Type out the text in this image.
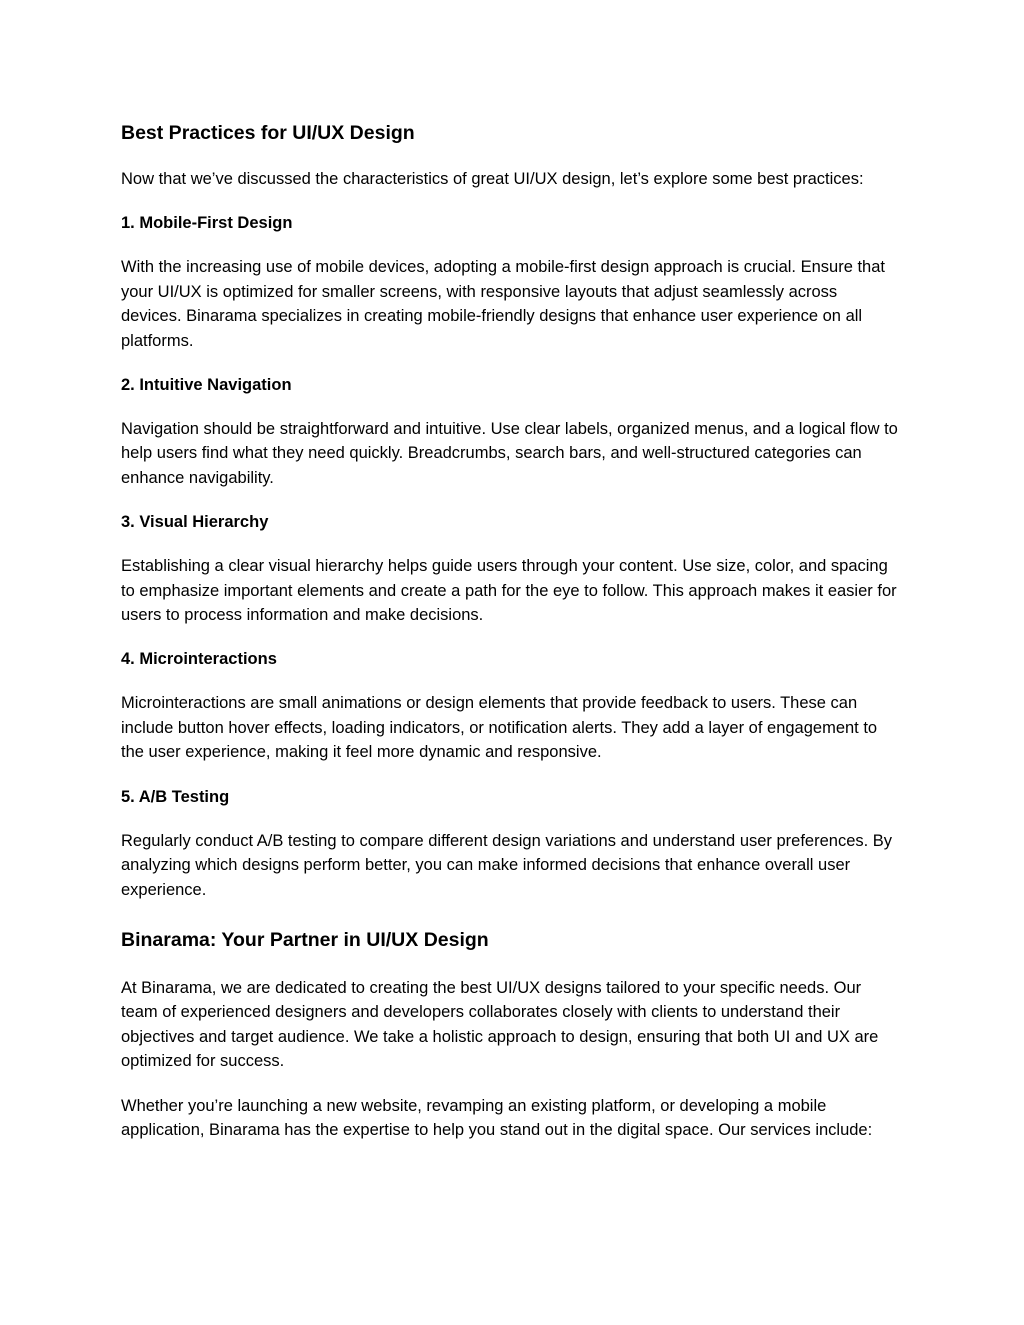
Best Practices for UI/UX Design

Now that we’ve discussed the characteristics of great UI/UX design, let’s explore some best practices:

1. Mobile-First Design

With the increasing use of mobile devices, adopting a mobile-first design approach is crucial. Ensure that your UI/UX is optimized for smaller screens, with responsive layouts that adjust seamlessly across devices. Binarama specializes in creating mobile-friendly designs that enhance user experience on all platforms.

2. Intuitive Navigation

Navigation should be straightforward and intuitive. Use clear labels, organized menus, and a logical flow to help users find what they need quickly. Breadcrumbs, search bars, and well-structured categories can enhance navigability.

3. Visual Hierarchy

Establishing a clear visual hierarchy helps guide users through your content. Use size, color, and spacing to emphasize important elements and create a path for the eye to follow. This approach makes it easier for users to process information and make decisions.

4. Microinteractions

Microinteractions are small animations or design elements that provide feedback to users. These can include button hover effects, loading indicators, or notification alerts. They add a layer of engagement to the user experience, making it feel more dynamic and responsive.

5. A/B Testing

Regularly conduct A/B testing to compare different design variations and understand user preferences. By analyzing which designs perform better, you can make informed decisions that enhance overall user experience.

Binarama: Your Partner in UI/UX Design

At Binarama, we are dedicated to creating the best UI/UX designs tailored to your specific needs. Our team of experienced designers and developers collaborates closely with clients to understand their objectives and target audience. We take a holistic approach to design, ensuring that both UI and UX are optimized for success.

Whether you’re launching a new website, revamping an existing platform, or developing a mobile application, Binarama has the expertise to help you stand out in the digital space. Our services include:
